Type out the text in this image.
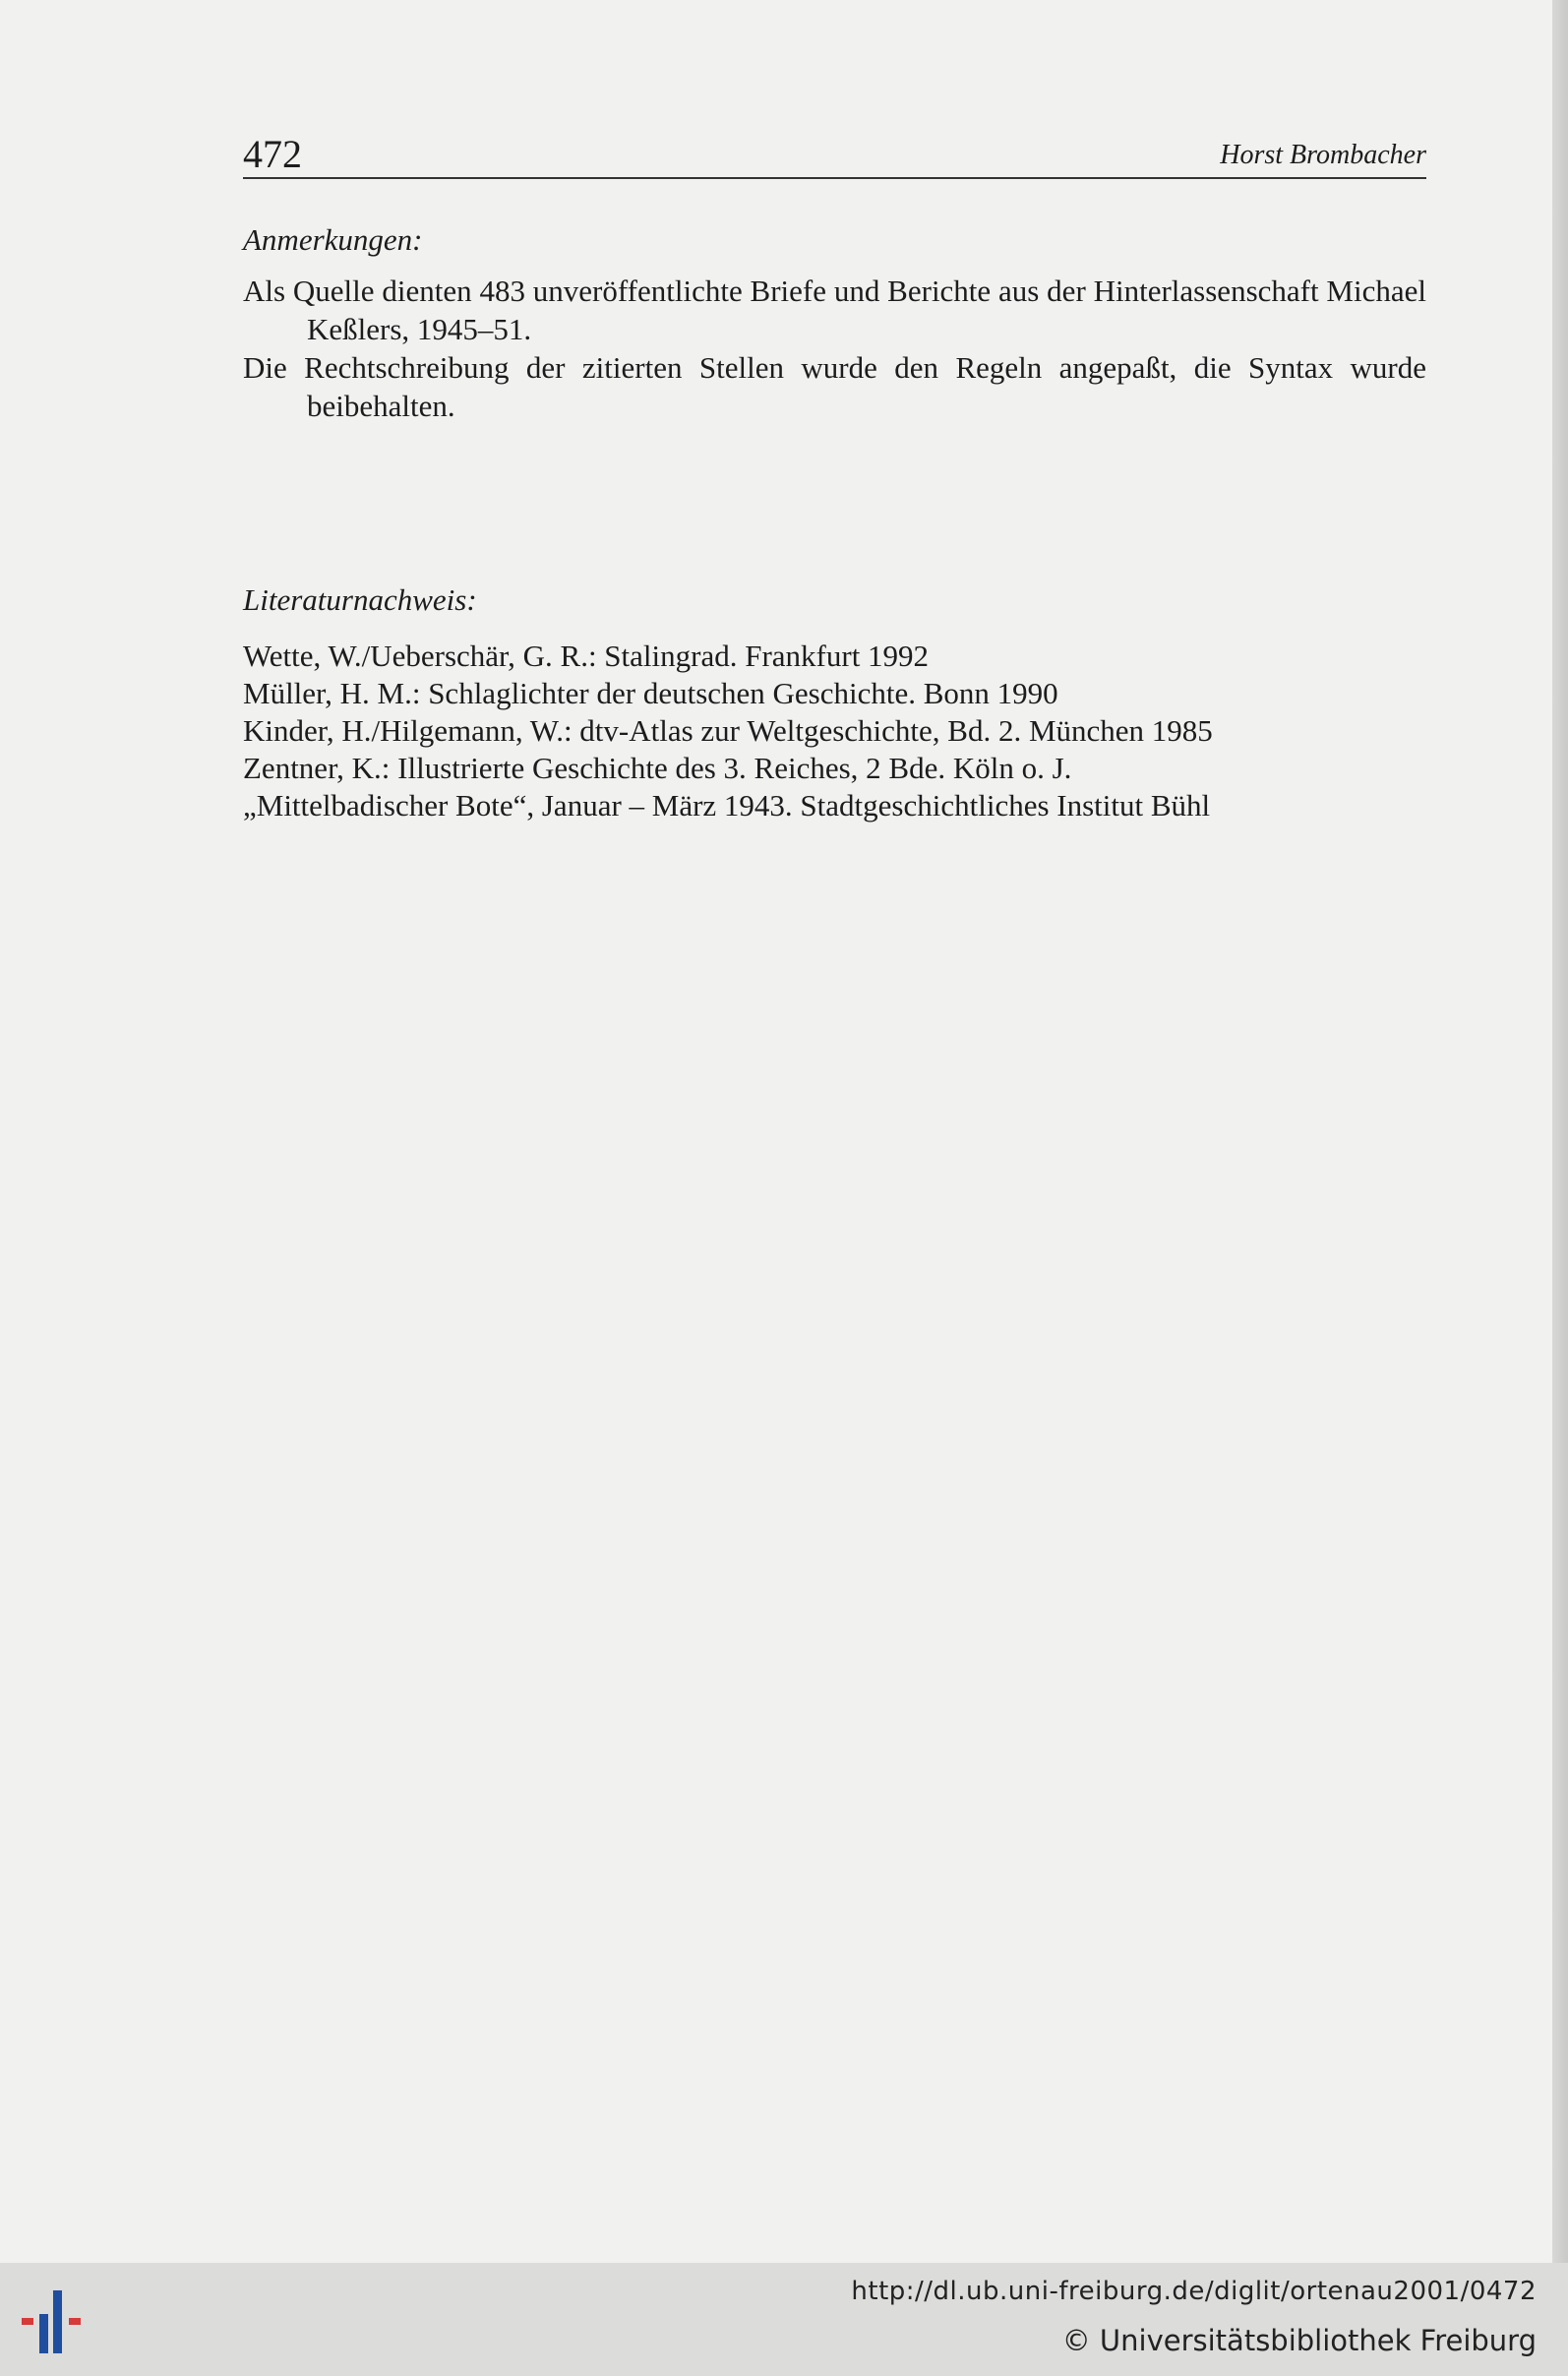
472	Horst Brombacher
Anmerkungen:

Als Quelle dienten 483 unveröffentlichte Briefe und Berichte aus der Hinterlassenschaft Michael Keßlers, 1945–51.

Die Rechtschreibung der zitierten Stellen wurde den Regeln angepaßt, die Syntax wurde beibehalten.

Literaturnachweis:

Wette, W./Ueberschär, G. R.: Stalingrad. Frankfurt 1992

Müller, H. M.: Schlaglichter der deutschen Geschichte. Bonn 1990

Kinder, H./Hilgemann, W.: dtv-Atlas zur Weltgeschichte, Bd. 2. München 1985

Zentner, K.: Illustrierte Geschichte des 3. Reiches, 2 Bde. Köln o. J.

„Mittelbadischer Bote“, Januar – März 1943. Stadtgeschichtliches Institut Bühl

http://dl.ub.uni-freiburg.de/diglit/ortenau2001/0472
© Universitätsbibliothek Freiburg
